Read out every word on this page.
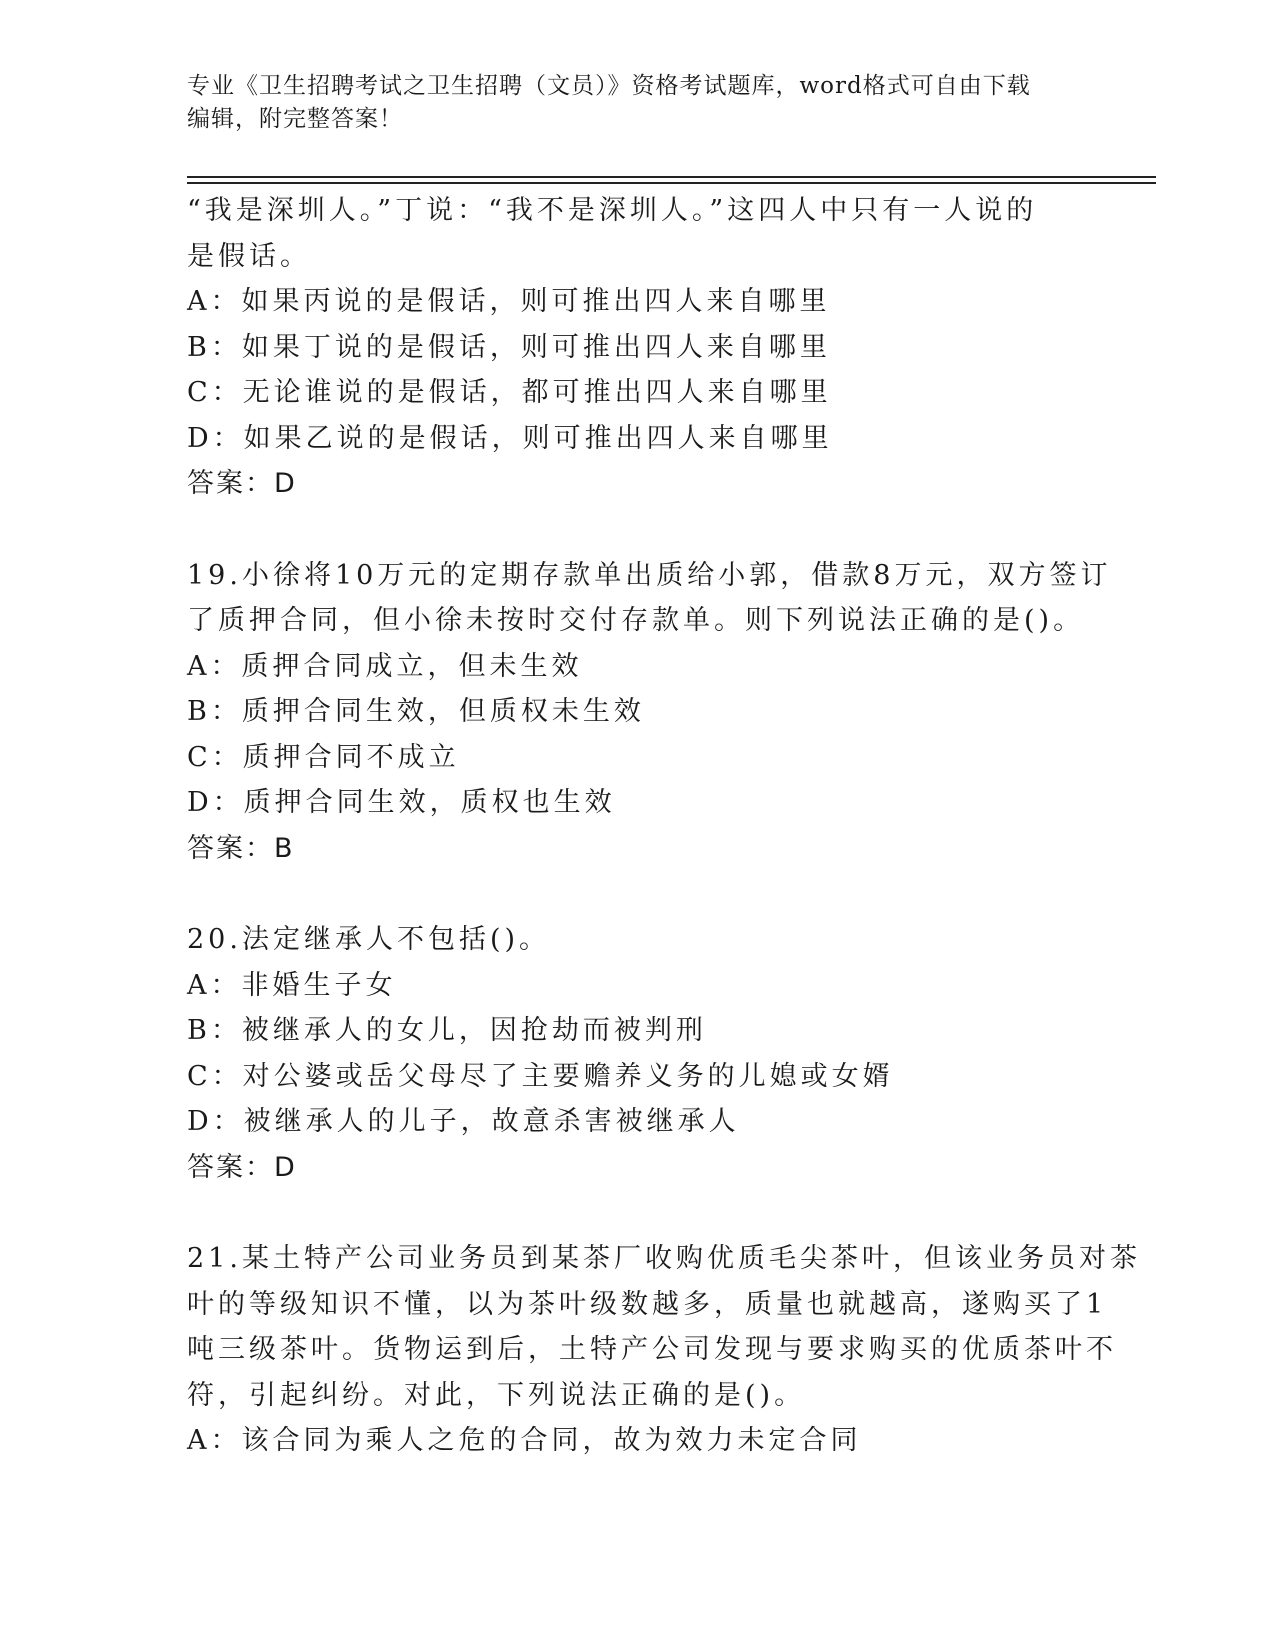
专业《卫生招聘考试之卫生招聘（文员）》资格考试题库，word格式可自由下载
编辑，附完整答案！

“我是深圳人。”丁说：“我不是深圳人。”这四人中只有一人说的

是假话。

A：如果丙说的是假话，则可推出四人来自哪里

B：如果丁说的是假话，则可推出四人来自哪里

C：无论谁说的是假话，都可推出四人来自哪里

D：如果乙说的是假话，则可推出四人来自哪里

答案：D

19.小徐将10万元的定期存款单出质给小郭，借款8万元，双方签订

了质押合同，但小徐未按时交付存款单。则下列说法正确的是()。

A：质押合同成立，但未生效

B：质押合同生效，但质权未生效

C：质押合同不成立

D：质押合同生效，质权也生效

答案：B

20.法定继承人不包括()。

A：非婚生子女

B：被继承人的女儿，因抢劫而被判刑

C：对公婆或岳父母尽了主要赡养义务的儿媳或女婿

D：被继承人的儿子，故意杀害被继承人

答案：D

21.某土特产公司业务员到某茶厂收购优质毛尖茶叶，但该业务员对茶

叶的等级知识不懂，以为茶叶级数越多，质量也就越高，遂购买了1

吨三级茶叶。货物运到后，土特产公司发现与要求购买的优质茶叶不

符，引起纠纷。对此，下列说法正确的是()。

A：该合同为乘人之危的合同，故为效力未定合同
